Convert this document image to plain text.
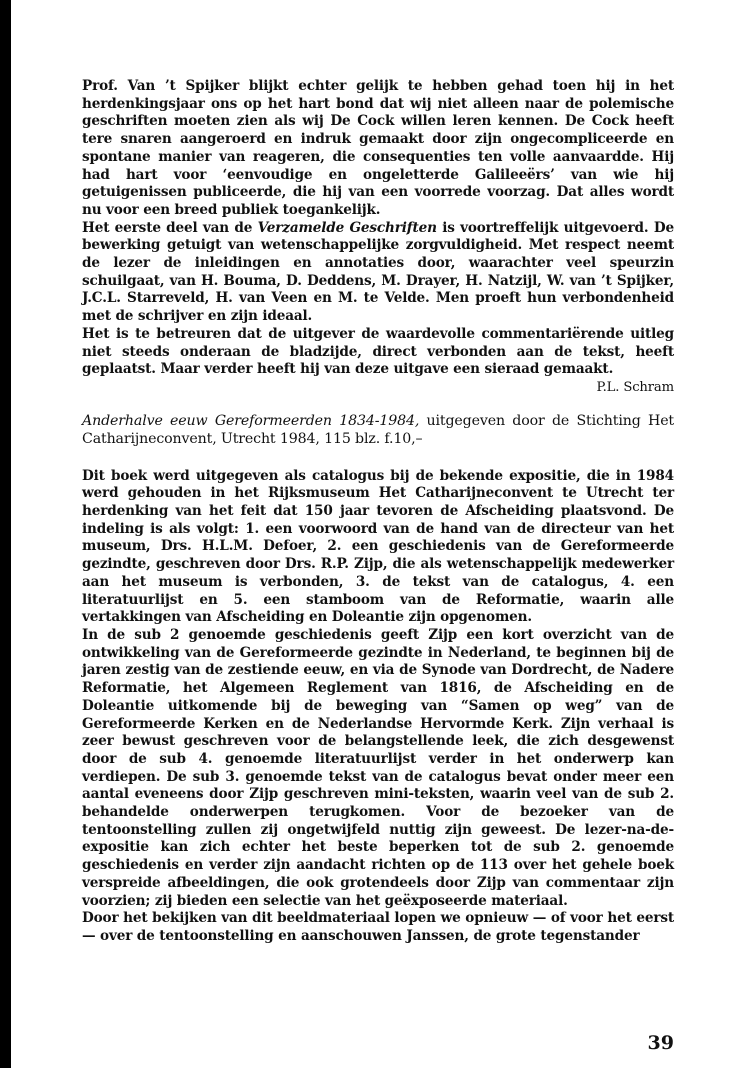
Prof. Van ’t Spijker blijkt echter gelijk te hebben gehad toen hij in het herdenkingsjaar ons op het hart bond dat wij niet alleen naar de polemische geschriften moeten zien als wij De Cock willen leren kennen. De Cock heeft tere snaren aangeroerd en indruk gemaakt door zijn ongecompliceerde en spontane manier van reageren, die consequenties ten volle aanvaardde. Hij had hart voor ‘eenvoudige en ongeletterde Galileeërs’ van wie hij getuigenissen publiceerde, die hij van een voorrede voorzag. Dat alles wordt nu voor een breed publiek toegankelijk.

Het eerste deel van de Verzamelde Geschriften is voortreffelijk uitgevoerd. De bewerking getuigt van wetenschappelijke zorgvuldigheid. Met respect neemt de lezer de inleidingen en annotaties door, waarachter veel speurzin schuilgaat, van H. Bouma, D. Deddens, M. Drayer, H. Natzijl, W. van ’t Spijker, J.C.L. Starreveld, H. van Veen en M. te Velde. Men proeft hun verbondenheid met de schrijver en zijn ideaal.

Het is te betreuren dat de uitgever de waardevolle commentariërende uitleg niet steeds onderaan de bladzijde, direct verbonden aan de tekst, heeft geplaatst. Maar verder heeft hij van deze uitgave een sieraad gemaakt.

P.L. Schram

Anderhalve eeuw Gereformeerden 1834-1984, uitgegeven door de Stichting Het Catharijneconvent, Utrecht 1984, 115 blz. f.10,–

Dit boek werd uitgegeven als catalogus bij de bekende expositie, die in 1984 werd gehouden in het Rijksmuseum Het Catharijneconvent te Utrecht ter herdenking van het feit dat 150 jaar tevoren de Afscheiding plaatsvond. De indeling is als volgt: 1. een voorwoord van de hand van de directeur van het museum, Drs. H.L.M. Defoer, 2. een geschiedenis van de Gereformeerde gezindte, geschreven door Drs. R.P. Zijp, die als wetenschappelijk medewerker aan het museum is verbonden, 3. de tekst van de catalogus, 4. een literatuurlijst en 5. een stamboom van de Reformatie, waarin alle vertakkingen van Afscheiding en Doleantie zijn opgenomen.

In de sub 2 genoemde geschiedenis geeft Zijp een kort overzicht van de ontwikkeling van de Gereformeerde gezindte in Nederland, te beginnen bij de jaren zestig van de zestiende eeuw, en via de Synode van Dordrecht, de Nadere Reformatie, het Algemeen Reglement van 1816, de Afscheiding en de Doleantie uitkomende bij de beweging van “Samen op weg” van de Gereformeerde Kerken en de Nederlandse Hervormde Kerk. Zijn verhaal is zeer bewust geschreven voor de belangstellende leek, die zich desgewenst door de sub 4. genoemde literatuurlijst verder in het onderwerp kan verdiepen. De sub 3. genoemde tekst van de catalogus bevat onder meer een aantal eveneens door Zijp geschreven mini-teksten, waarin veel van de sub 2. behandelde onderwerpen terugkomen. Voor de bezoeker van de tentoonstelling zullen zij ongetwijfeld nuttig zijn geweest. De lezer-na-de-expositie kan zich echter het beste beperken tot de sub 2. genoemde geschiedenis en verder zijn aandacht richten op de 113 over het gehele boek verspreide afbeeldingen, die ook grotendeels door Zijp van commentaar zijn voorzien; zij bieden een selectie van het geëxposeerde materiaal.

Door het bekijken van dit beeldmateriaal lopen we opnieuw — of voor het eerst — over de tentoonstelling en aanschouwen Janssen, de grote tegenstander

39
